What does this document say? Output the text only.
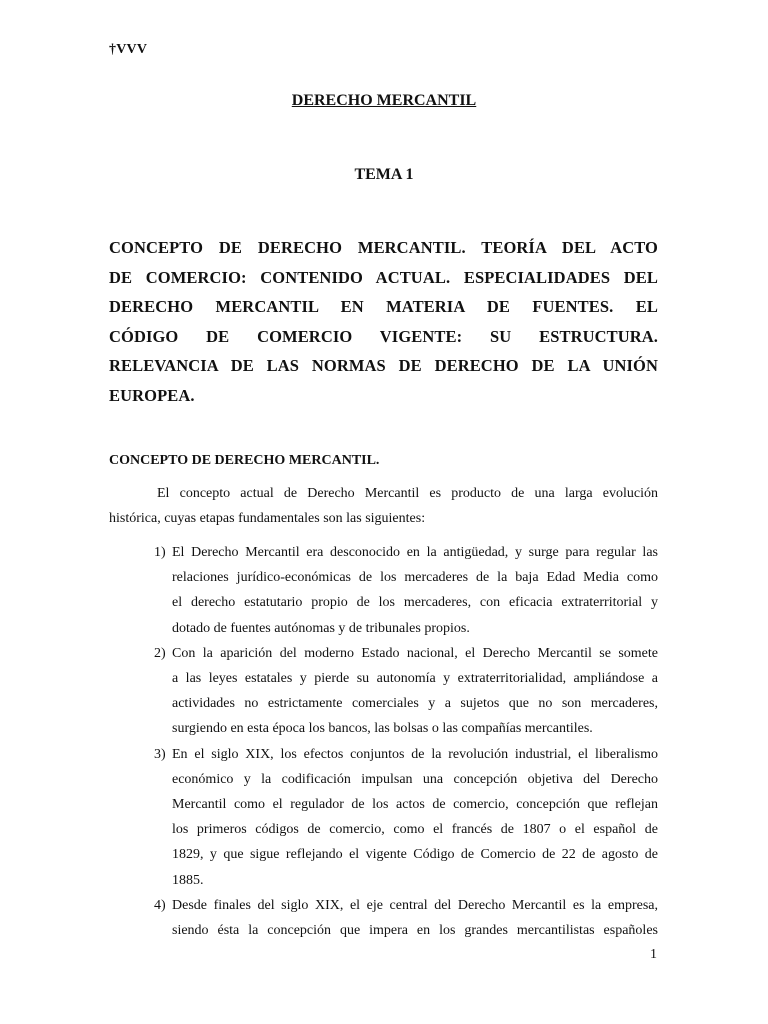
†VVV
DERECHO MERCANTIL
TEMA 1
CONCEPTO DE DERECHO MERCANTIL. TEORÍA DEL ACTO
DE COMERCIO: CONTENIDO ACTUAL. ESPECIALIDADES DEL
DERECHO MERCANTIL EN MATERIA DE FUENTES. EL
CÓDIGO DE COMERCIO VIGENTE: SU ESTRUCTURA.
RELEVANCIA DE LAS NORMAS DE DERECHO DE LA UNIÓN
EUROPEA.
CONCEPTO DE DERECHO MERCANTIL.
El concepto actual de Derecho Mercantil es producto de una larga evolución
histórica, cuyas etapas fundamentales son las siguientes:
1) El Derecho Mercantil era desconocido en la antigüedad, y surge para regular las
relaciones jurídico-económicas de los mercaderes de la baja Edad Media como
el derecho estatutario propio de los mercaderes, con eficacia extraterritorial y
dotado de fuentes autónomas y de tribunales propios.
2) Con la aparición del moderno Estado nacional, el Derecho Mercantil se somete
a las leyes estatales y pierde su autonomía y extraterritorialidad, ampliándose a
actividades no estrictamente comerciales y a sujetos que no son mercaderes,
surgiendo en esta época los bancos, las bolsas o las compañías mercantiles.
3) En el siglo XIX, los efectos conjuntos de la revolución industrial, el liberalismo
económico y la codificación impulsan una concepción objetiva del Derecho
Mercantil como el regulador de los actos de comercio, concepción que reflejan
los primeros códigos de comercio, como el francés de 1807 o el español de
1829, y que sigue reflejando el vigente Código de Comercio de 22 de agosto de
1885.
4) Desde finales del siglo XIX, el eje central del Derecho Mercantil es la empresa,
siendo ésta la concepción que impera en los grandes mercantilistas españoles
1
